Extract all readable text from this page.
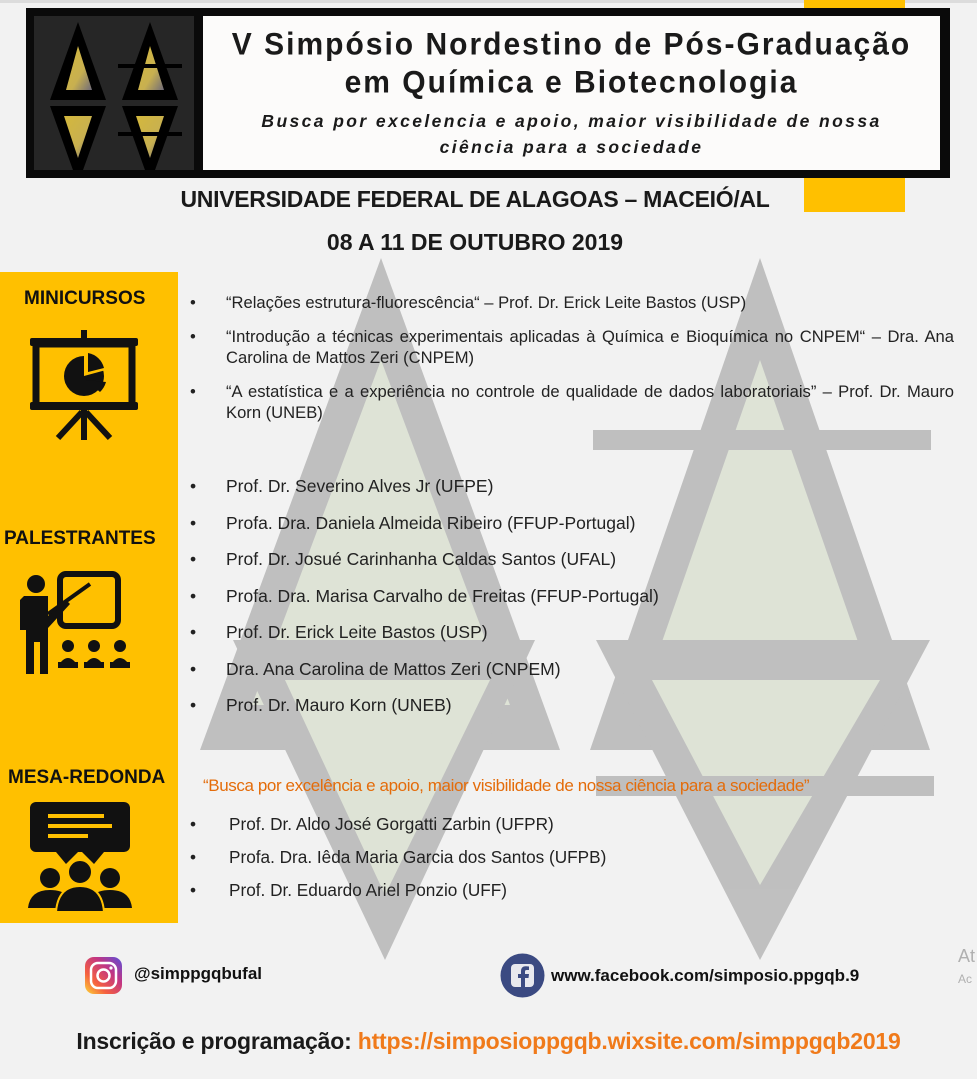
V Simpósio Nordestino de Pós-Graduação
em Química e Biotecnologia
Busca por excelencia e apoio, maior visibilidade de nossa
ciência para a sociedade
UNIVERSIDADE FEDERAL DE ALAGOAS – MACEIÓ/AL
08 A 11 DE OUTUBRO 2019
MINICURSOS	• “Relações estrutura-fluorescência“ – Prof. Dr. Erick Leite Bastos (USP)
• “Introdução a técnicas experimentais aplicadas à Química e Bioquímica no CNPEM“ – Dra. Ana Carolina de Mattos Zeri (CNPEM)
• “A estatística e a experiência no controle de qualidade de dados laboratoriais” – Prof. Dr. Mauro Korn (UNEB)
PALESTRANTES
• Prof. Dr. Severino Alves Jr (UFPE)
• Profa. Dra. Daniela Almeida Ribeiro (FFUP-Portugal)
• Prof. Dr. Josué Carinhanha Caldas Santos (UFAL)
• Profa. Dra. Marisa Carvalho de Freitas (FFUP-Portugal)
• Prof. Dr. Erick Leite Bastos (USP)
• Dra. Ana Carolina de Mattos Zeri (CNPEM)
• Prof. Dr. Mauro Korn (UNEB)
MESA-REDONDA “Busca por excelência e apoio, maior visibilidade de nossa ciência para a sociedade”
• Prof. Dr. Aldo José Gorgatti Zarbin (UFPR)
• Profa. Dra. Iêda Maria Garcia dos Santos (UFPB)
• Prof. Dr. Eduardo Ariel Ponzio (UFF)
@simppgqbufal	www.facebook.com/simposio.ppgqb.9
At
Ac
Inscrição e programação: https://simposioppgqb.wixsite.com/simppgqb2019
